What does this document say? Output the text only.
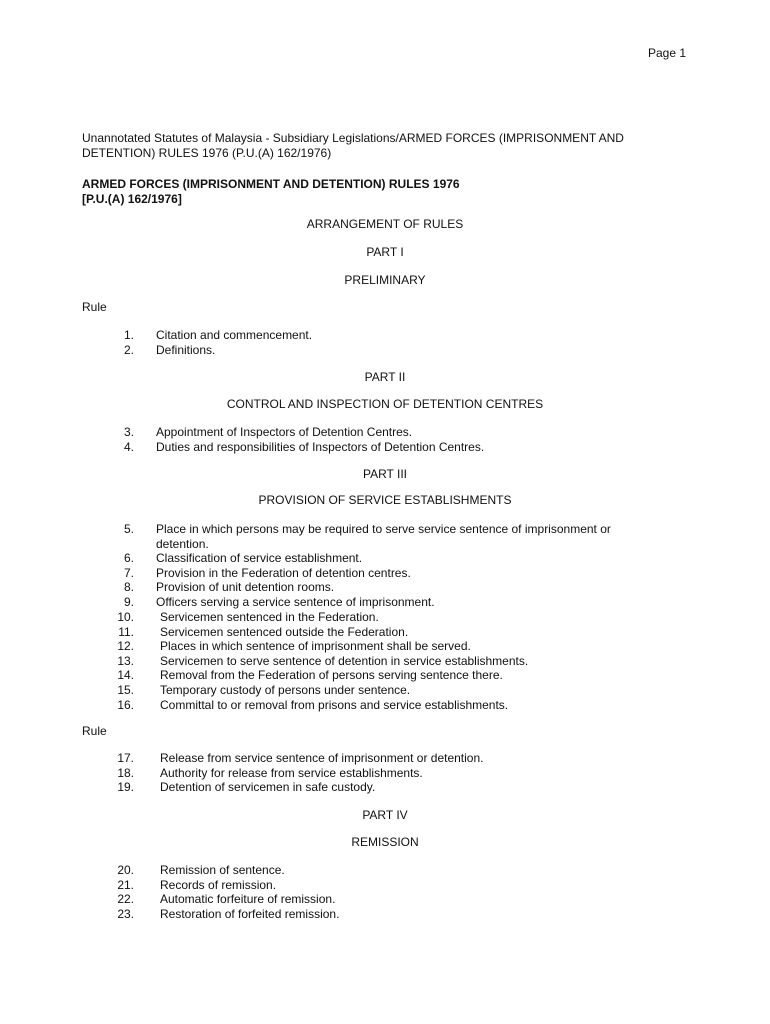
Page 1
Unannotated Statutes of Malaysia - Subsidiary Legislations/ARMED FORCES (IMPRISONMENT AND
DETENTION) RULES 1976 (P.U.(A) 162/1976)
ARMED FORCES (IMPRISONMENT AND DETENTION) RULES 1976
[P.U.(A) 162/1976]
ARRANGEMENT OF RULES
PART I
PRELIMINARY
Rule
1. Citation and commencement.
2. Definitions.
PART II
CONTROL AND INSPECTION OF DETENTION CENTRES
3. Appointment of Inspectors of Detention Centres.
4. Duties and responsibilities of Inspectors of Detention Centres.
PART III
PROVISION OF SERVICE ESTABLISHMENTS
5. Place in which persons may be required to serve service sentence of imprisonment or
detention.
6. Classification of service establishment.
7. Provision in the Federation of detention centres.
8. Provision of unit detention rooms.
9. Officers serving a service sentence of imprisonment.
10. Servicemen sentenced in the Federation.
11. Servicemen sentenced outside the Federation.
12. Places in which sentence of imprisonment shall be served.
13. Servicemen to serve sentence of detention in service establishments.
14. Removal from the Federation of persons serving sentence there.
15. Temporary custody of persons under sentence.
16. Committal to or removal from prisons and service establishments.
Rule
17. Release from service sentence of imprisonment or detention.
18. Authority for release from service establishments.
19. Detention of servicemen in safe custody.
PART IV
REMISSION
20. Remission of sentence.
21. Records of remission.
22. Automatic forfeiture of remission.
23. Restoration of forfeited remission.
